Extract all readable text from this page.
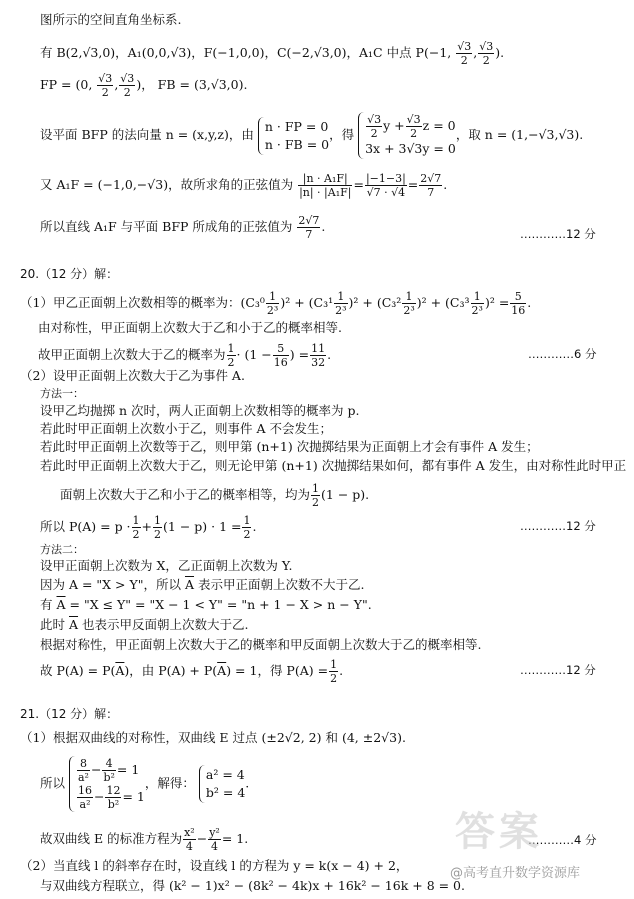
图所示的空间直角坐标系.
有 B(2,√3,0)，A₁(0,0,√3)，F(−1,0,0)，C(−2,√3,0)，A₁C 中点 P(−1, $\frac{√3}{2}$ , $\frac{√3}{2}$ ).
FP = (0, $\frac{√3}{2}$ , $\frac{√3}{2}$ )， FB = (3,√3,0).
设平面 BFP 的法向量 n = (x,y,z)，由
n · FP = 0
n · FB = 0
，得 $\frac{√3}{2}$ $y + \frac{√3}{2}$ z = 0
3x + 3√3y = 0
，取 n = (1,−√3,√3).
又 A₁F = (−1,0,−√3)，故所求角的正弦值为 $\frac{\text{|n · A₁F|}}{\text{|n| · |A₁F|}} = \frac{|-1-3|}{√7 \cdot √4} = \frac{2√7}{7}$ .
所以直线 A₁F 与平面 BFP 所成角的正弦值为 $\frac{2√7}{7}$ .	…………12 分
20.（12 分）解：
（1）甲乙正面朝上次数相等的概率为：$(C_3^0 \frac{1}{\text{2³}} )^2 + (C_3^1 \frac{1}{\text{2³}} )^2 + (C_3^2 \frac{1}{\text{2³}} )^2 + (C_3^3 \frac{1}{\text{2³}} )^2 = \frac{5}{16}$ .
由对称性，甲正面朝上次数大于乙和小于乙的概率相等.
故甲正面朝上次数大于乙的概率为 $\frac{1}{2} \cdot (1 - \frac{5}{16}$ ) = $\frac{11}{32}$ .	…………6 分
（2）设甲正面朝上次数大于乙为事件 A.
方法一：
设甲乙均抛掷 n 次时，两人正面朝上次数相等的概率为 p.
若此时甲正面朝上次数小于乙，则事件 A 不会发生；
若此时甲正面朝上次数等于乙，则甲第 (n+1) 次抛掷结果为正面朝上才会有事件 A 发生；
若此时甲正面朝上次数大于乙，则无论甲第 (n+1) 次抛掷结果如何，都有事件 A 发生，由对称性此时甲正
面朝上次数大于乙和小于乙的概率相等，均为 $\frac{1}{2} (1 - p)$.
所以 $P(A) = p \cdot \frac{1}{2} + \frac{1}{2} (1 - p) \cdot 1 = \frac{1}{2}$ .	…………12 分
方法二：
设甲正面朝上次数为 X，乙正面朝上次数为 Y.
因为 A = "X > Y"，所以 $\overline{A}$ 表示甲正面朝上次数不大于乙.
有 $\overline{A}$ = "X ≤ Y" = "X − 1 < Y" = "n + 1 − X > n − Y".
此时 $\overline{A}$ 也表示甲反面朝上次数大于乙.
根据对称性，甲正面朝上次数大于乙的概率和甲反面朝上次数大于乙的概率相等.
故 $P(A) = P(\overline{A})$，由 $P(A) + P(\overline{A}) = 1$，得 $P(A) = \frac{1}{2}$ .	…………12 分
21.（12 分）解：
（1）根据双曲线的对称性，双曲线 E 过点 (±2√2, 2) 和 (4, ±2√3).
所以 $\frac{8}{\text{a²}} - \frac{4}{\text{b²}} = 1$
$\frac{16}{\text{a²}} - \frac{12}{\text{b²}} = 1$
，解得：
a² = 4
b² = 4
.
故双曲线 E 的标准方程为 $\frac{\text{x²}}{4} - \frac{\text{y²}}{4} = 1$.	…………4 分
（2）当直线 l 的斜率存在时，设直线 l 的方程为 y = k(x − 4) + 2，
与双曲线方程联立，得 (k² − 1)x² − (8k² − 4k)x + 16k² − 16k + 8 = 0.
答案
@高考直升数学资源库
